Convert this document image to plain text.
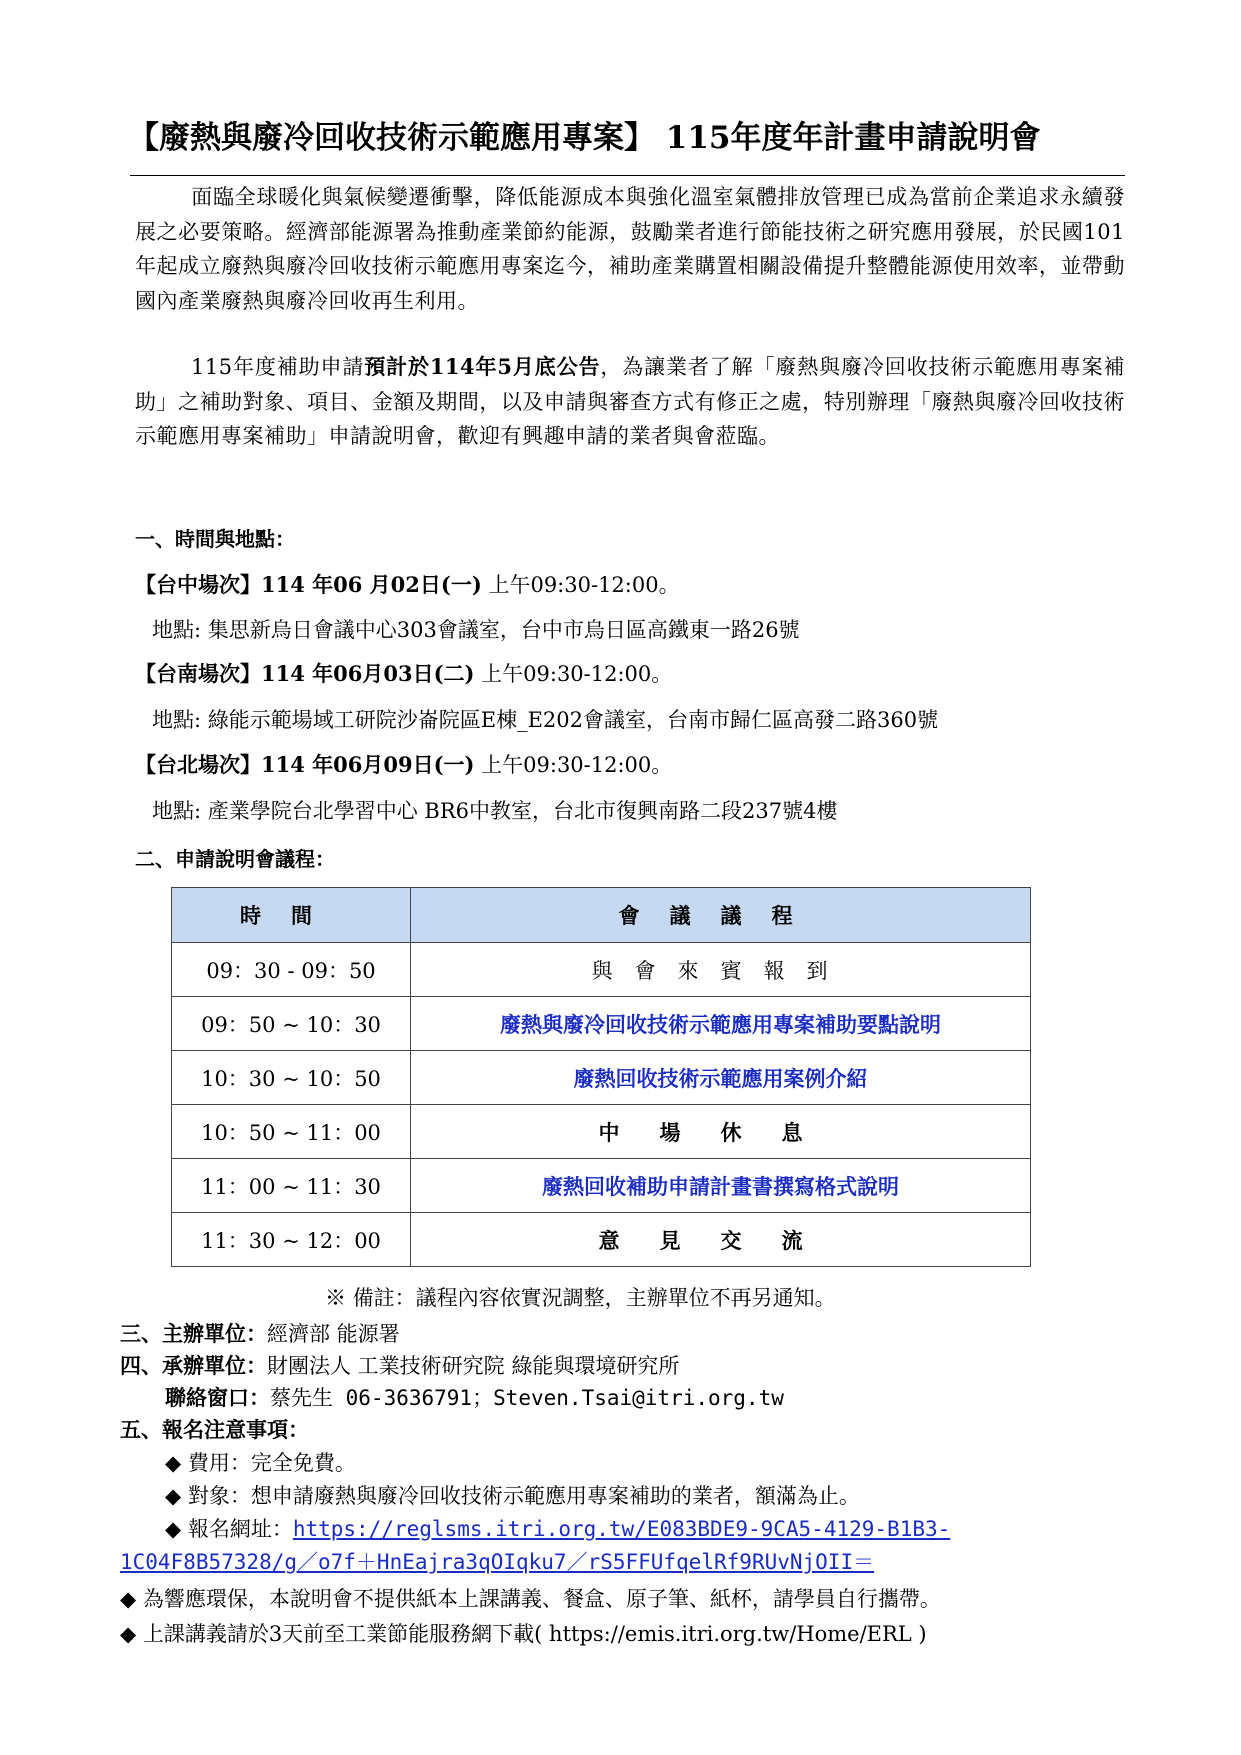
【廢熱與廢冷回收技術示範應用專案】 115年度年計畫申請說明會
面臨全球暖化與氣候變遷衝擊，降低能源成本與強化溫室氣體排放管理已成為當前企業追求永續發展之必要策略。經濟部能源署為推動產業節約能源，鼓勵業者進行節能技術之研究應用發展，於民國101年起成立廢熱與廢冷回收技術示範應用專案迄今，補助產業購置相關設備提升整體能源使用效率，並帶動國內產業廢熱與廢冷回收再生利用。
115年度補助申請預計於114年5月底公告，為讓業者了解「廢熱與廢冷回收技術示範應用專案補助」之補助對象、項目、金額及期間，以及申請與審查方式有修正之處，特別辦理「廢熱與廢冷回收技術示範應用專案補助」申請說明會，歡迎有興趣申請的業者與會蒞臨。
一、時間與地點：
【台中場次】114 年06 月02日(一) 上午09:30-12:00。
地點: 集思新烏日會議中心303會議室，台中市烏日區高鐵東一路26號
【台南場次】114 年06月03日(二) 上午09:30-12:00。
地點: 綠能示範場域工研院沙崙院區E棟_E202會議室，台南市歸仁區高發二路360號
【台北場次】114 年06月09日(一) 上午09:30-12:00。
地點: 產業學院台北學習中心 BR6中教室，台北市復興南路二段237號4樓
二、申請說明會議程：
時間	會議議程
09：30 - 09：50	與會來賓報到
09：50 ~ 10：30	廢熱與廢冷回收技術示範應用專案補助要點說明
10：30 ~ 10：50	廢熱回收技術示範應用案例介紹
10：50 ~ 11：00	中場休息
11：00 ~ 11：30	廢熱回收補助申請計畫書撰寫格式說明
11：30 ~ 12：00	意見交流
※ 備註：議程內容依實況調整，主辦單位不再另通知。
三、主辦單位：經濟部 能源署
四、承辦單位：財團法人 工業技術研究院 綠能與環境研究所
聯絡窗口：蔡先生 06-3636791；Steven.Tsai@itri.org.tw
五、報名注意事項：
◆ 費用：完全免費。
◆ 對象：想申請廢熱與廢冷回收技術示範應用專案補助的業者，額滿為止。
◆ 報名網址：https://reglsms.itri.org.tw/E083BDE9-9CA5-4129-B1B3-
1C04F8B57328/g／o7f＋HnEajra3qOIqku7／rS5FFUfqelRf9RUvNjOII＝
◆ 為響應環保，本說明會不提供紙本上課講義、餐盒、原子筆、紙杯，請學員自行攜帶。
◆ 上課講義請於3天前至工業節能服務網下載( https://emis.itri.org.tw/Home/ERL )
